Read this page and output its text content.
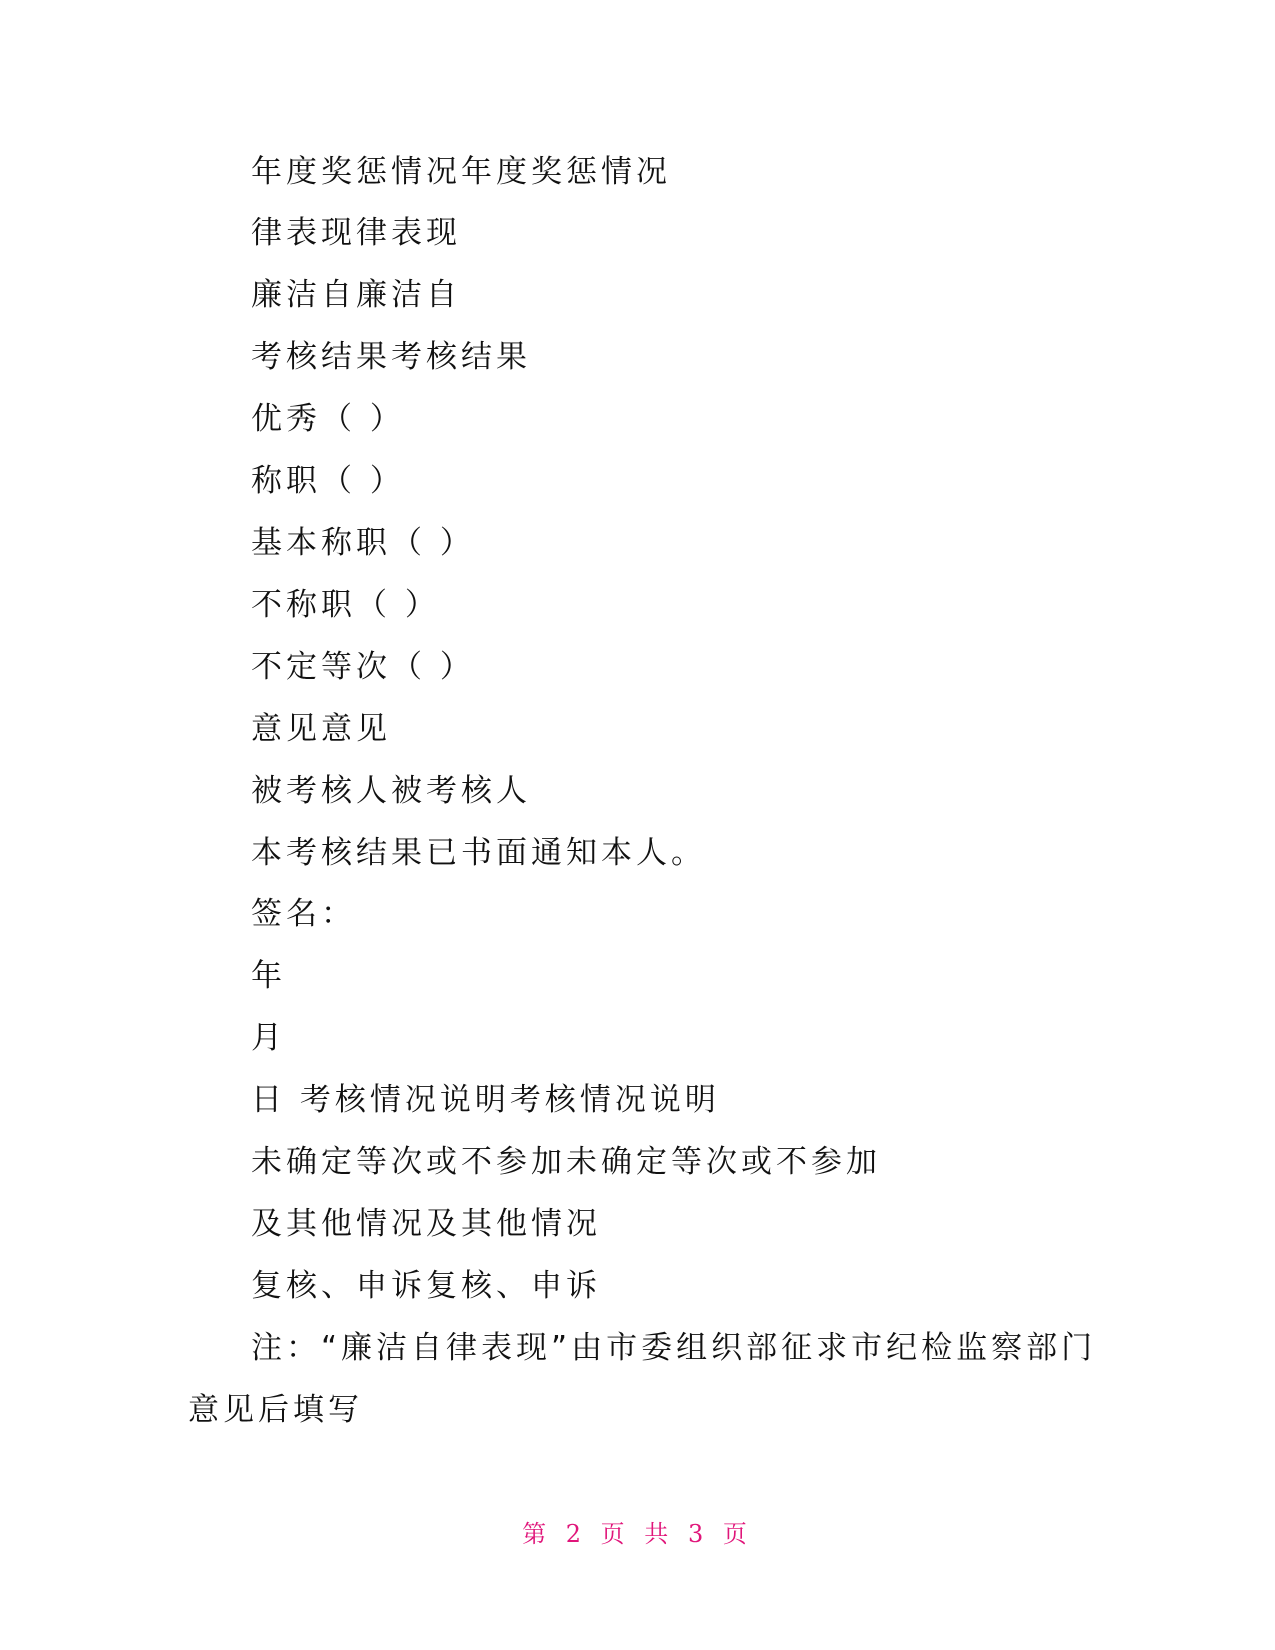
年度奖惩情况年度奖惩情况
律表现律表现
廉洁自廉洁自
考核结果考核结果
优秀（ ）
称职（ ）
基本称职（ ）
不称职（ ）
不定等次（ ）
意见意见
被考核人被考核人
本考核结果已书面通知本人。
签名：
年
月
日 考核情况说明考核情况说明
未确定等次或不参加未确定等次或不参加
及其他情况及其他情况
复核、申诉复核、申诉
注：“廉洁自律表现”由市委组织部征求市纪检监察部门
意见后填写
第 2 页 共 3 页
